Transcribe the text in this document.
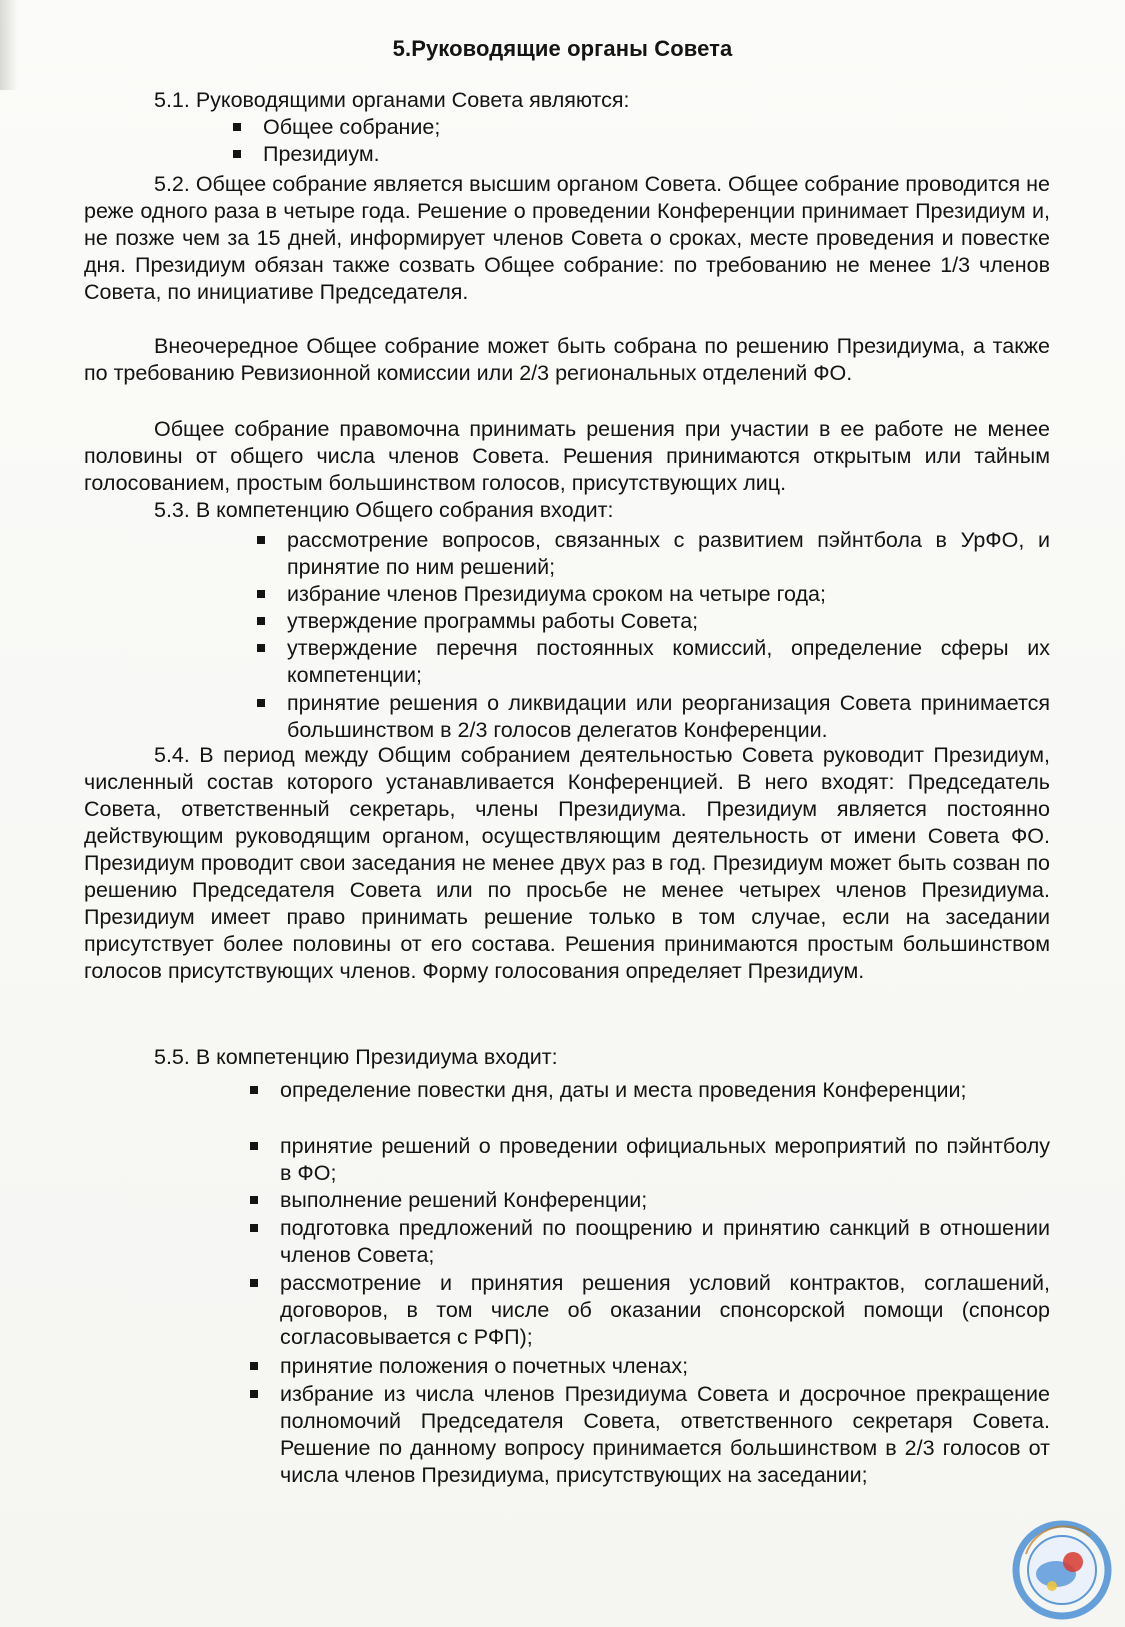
5.Руководящие органы Совета
5.1. Руководящими органами Совета являются:
Общее собрание;
Президиум.
5.2. Общее собрание является высшим органом Совета. Общее собрание проводится не реже одного раза в четыре года. Решение о проведении Конференции принимает Президиум и, не позже чем за 15 дней, информирует членов Совета о сроках, месте проведения и повестке дня. Президиум обязан также созвать Общее собрание: по требованию не менее 1/3 членов Совета, по инициативе Председателя.
Внеочередное Общее собрание может быть собрана по решению Президиума, а также по требованию Ревизионной комиссии или 2/3 региональных отделений ФО.
Общее собрание правомочна принимать решения при участии в ее работе не менее половины от общего числа членов Совета. Решения принимаются открытым или тайным голосованием, простым большинством голосов, присутствующих лиц.
5.3. В компетенцию Общего собрания входит:
рассмотрение вопросов, связанных с развитием пэйнтбола в УрФО, и принятие по ним решений;
избрание членов Президиума сроком на четыре года;
утверждение программы работы Совета;
утверждение перечня постоянных комиссий, определение сферы их компетенции;
принятие решения о ликвидации или реорганизация Совета принимается большинством в 2/3 голосов делегатов Конференции.
5.4. В период между Общим собранием деятельностью Совета руководит Президиум, численный состав которого устанавливается Конференцией. В него входят: Председатель Совета, ответственный секретарь, члены Президиума. Президиум является постоянно действующим руководящим органом, осуществляющим деятельность от имени Совета ФО. Президиум проводит свои заседания не менее двух раз в год. Президиум может быть созван по решению Председателя Совета или по просьбе не менее четырех членов Президиума. Президиум имеет право принимать решение только в том случае, если на заседании присутствует более половины от его состава. Решения принимаются простым большинством голосов присутствующих членов. Форму голосования определяет Президиум.
5.5. В компетенцию Президиума входит:
определение повестки дня, даты и места проведения Конференции;
принятие решений о проведении официальных мероприятий по пэйнтболу в ФО;
выполнение решений Конференции;
подготовка предложений по поощрению и принятию санкций в отношении членов Совета;
рассмотрение и принятия решения условий контрактов, соглашений, договоров, в том числе об оказании спонсорской помощи (спонсор согласовывается с РФП);
принятие положения о почетных членах;
избрание из числа членов Президиума Совета и досрочное прекращение полномочий Председателя Совета, ответственного секретаря Совета. Решение по данному вопросу принимается большинством в 2/3 голосов от числа членов Президиума, присутствующих на заседании;
